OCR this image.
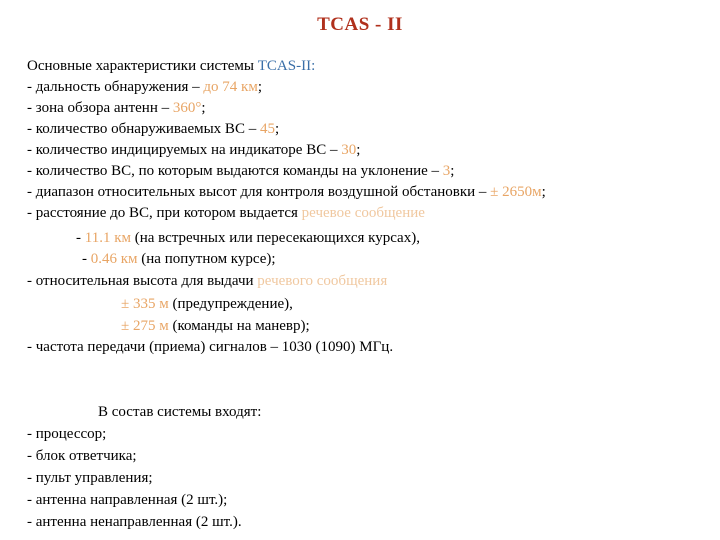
TCAS - II
Основные характеристики системы TCAS-II:
- дальность обнаружения – до 74 км;
- зона обзора антенн – 360°;
- количество обнаруживаемых ВС – 45;
- количество индицируемых на индикаторе ВС – 30;
- количество ВС, по которым выдаются команды на уклонение – 3;
- диапазон относительных высот для контроля воздушной обстановки – ± 2650м;
- расстояние до ВС, при котором выдается речевое сообщение
- 11.1 км (на встречных или пересекающихся курсах),
- 0.46 км (на попутном курсе);
- относительная высота для выдачи речевого сообщения
± 335 м (предупреждение),
± 275 м (команды на маневр);
- частота передачи (приема) сигналов – 1030 (1090) МГц.
В состав системы входят:
- процессор;
- блок ответчика;
- пульт управления;
- антенна направленная (2 шт.);
- антенна ненаправленная (2 шт.).
